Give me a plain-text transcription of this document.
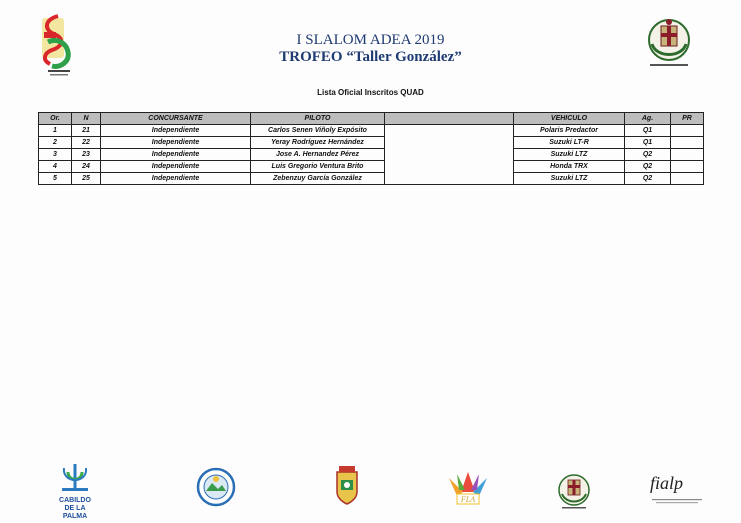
I SLALOM ADEA 2019
TROFEO “Taller González”
Lista Oficial Inscritos QUAD
Or.	N	CONCURSANTE	PILOTO		VEHICULO	Ag.	PR
1	21	Independiente	Carlos Senen Viñoly Expósito		Polaris Predactor	Q1	
2	22	Independiente	Yeray Rodríguez Hernández		Suzuki LT-R	Q1	
3	23	Independiente	Jose A. Hernandez Pérez		Suzuki LTZ	Q2	
4	24	Independiente	Luis Gregorio Ventura Brito		Honda TRX	Q2	
5	25	Independiente	Zebenzuy García González		Suzuki LTZ	Q2	
CABILDO
DE LA PALMA
FLA
fialp
